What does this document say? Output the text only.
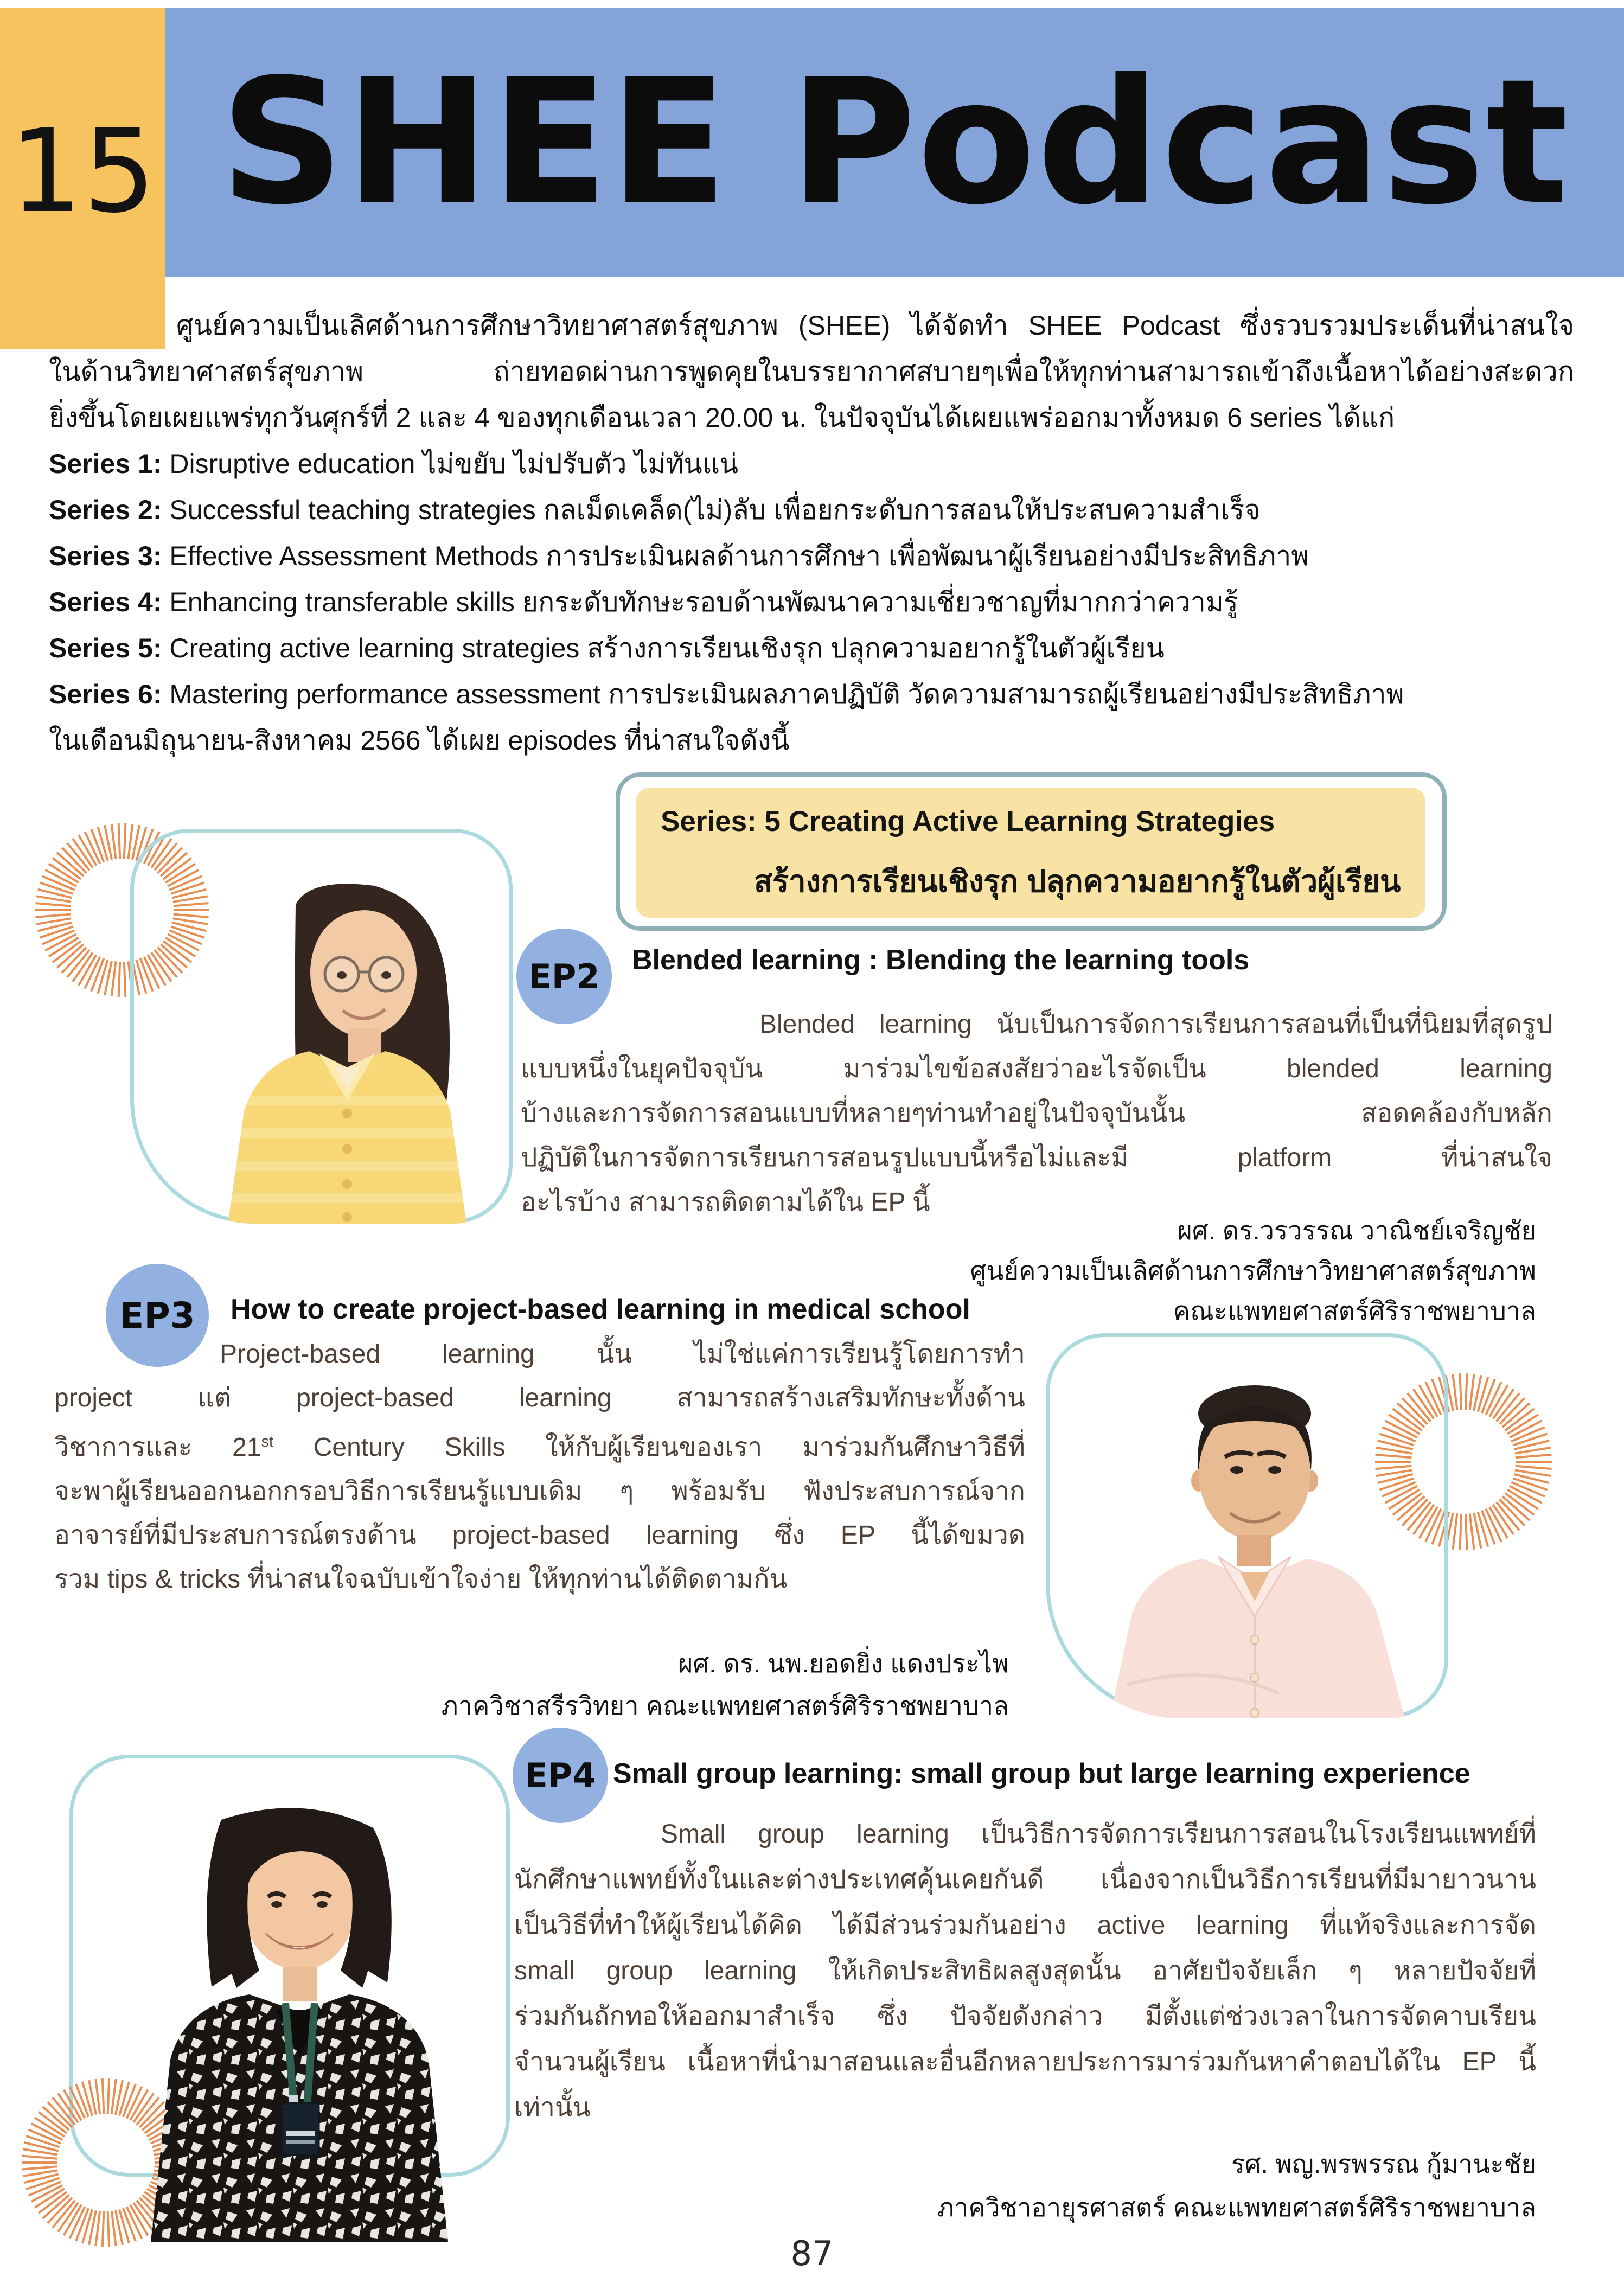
SHEE Podcast
15
ศูนย์ความเป็นเลิศด้านการศึกษาวิทยาศาสตร์สุขภาพ (SHEE) ได้จัดทำ SHEE Podcast ซึ่งรวบรวมประเด็นที่น่าสนใจ
ในด้านวิทยาศาสตร์สุขภาพ ถ่ายทอดผ่านการพูดคุยในบรรยากาศสบายๆเพื่อให้ทุกท่านสามารถเข้าถึงเนื้อหาได้อย่างสะดวก
ยิ่งขึ้นโดยเผยแพร่ทุกวันศุกร์ที่ 2 และ 4 ของทุกเดือนเวลา 20.00 น. ในปัจจุบันได้เผยแพร่ออกมาทั้งหมด 6 series ได้แก่
Series 1: Disruptive education ไม่ขยับ ไม่ปรับตัว ไม่ทันแน่
Series 2: Successful teaching strategies กลเม็ดเคล็ด(ไม่)ลับ เพื่อยกระดับการสอนให้ประสบความสำเร็จ
Series 3: Effective Assessment Methods การประเมินผลด้านการศึกษา เพื่อพัฒนาผู้เรียนอย่างมีประสิทธิภาพ
Series 4: Enhancing transferable skills ยกระดับทักษะรอบด้านพัฒนาความเชี่ยวชาญที่มากกว่าความรู้
Series 5: Creating active learning strategies สร้างการเรียนเชิงรุก ปลุกความอยากรู้ในตัวผู้เรียน
Series 6: Mastering performance assessment การประเมินผลภาคปฏิบัติ วัดความสามารถผู้เรียนอย่างมีประสิทธิภาพ
ในเดือนมิถุนายน-สิงหาคม 2566 ได้เผย episodes ที่น่าสนใจดังนี้
Series: 5 Creating Active Learning Strategies
สร้างการเรียนเชิงรุก ปลุกความอยากรู้ในตัวผู้เรียน
EP2 Blended learning : Blending the learning tools
Blended learning นับเป็นการจัดการเรียนการสอนที่เป็นที่นิยมที่สุดรูป
แบบหนึ่งในยุคปัจจุบัน มาร่วมไขข้อสงสัยว่าอะไรจัดเป็น blended learning
บ้างและการจัดการสอนแบบที่หลายๆท่านทำอยู่ในปัจจุบันนั้น สอดคล้องกับหลัก
ปฏิบัติในการจัดการเรียนการสอนรูปแบบนี้หรือไม่และมี platform ที่น่าสนใจ
อะไรบ้าง สามารถติดตามได้ใน EP นี้
ผศ. ดร.วรวรรณ วาณิชย์เจริญชัย
ศูนย์ความเป็นเลิศด้านการศึกษาวิทยาศาสตร์สุขภาพ
คณะแพทยศาสตร์ศิริราชพยาบาล
EP3 How to create project-based learning in medical school
Project-based learning นั้น ไม่ใช่แค่การเรียนรู้โดยการทำ
project แต่ project-based learning สามารถสร้างเสริมทักษะทั้งด้าน
วิชาการและ 21st Century Skills ให้กับผู้เรียนของเรา มาร่วมกันศึกษาวิธีที่
จะพาผู้เรียนออกนอกกรอบวิธีการเรียนรู้แบบเดิม ๆ พร้อมรับ ฟังประสบการณ์จาก
อาจารย์ที่มีประสบการณ์ตรงด้าน project-based learning ซึ่ง EP นี้ได้ขมวด
รวม tips & tricks ที่น่าสนใจฉบับเข้าใจง่าย ให้ทุกท่านได้ติดตามกัน
ผศ. ดร. นพ.ยอดยิ่ง แดงประไพ
ภาควิชาสรีรวิทยา คณะแพทยศาสตร์ศิริราชพยาบาล
EP4 Small group learning: small group but large learning experience
Small group learning เป็นวิธีการจัดการเรียนการสอนในโรงเรียนแพทย์ที่
นักศึกษาแพทย์ทั้งในและต่างประเทศคุ้นเคยกันดี เนื่องจากเป็นวิธีการเรียนที่มีมายาวนาน
เป็นวิธีที่ทำให้ผู้เรียนได้คิด ได้มีส่วนร่วมกันอย่าง active learning ที่แท้จริงและการจัด
small group learning ให้เกิดประสิทธิผลสูงสุดนั้น อาศัยปัจจัยเล็ก ๆ หลายปัจจัยที่
ร่วมกันถักทอให้ออกมาสำเร็จ ซึ่ง ปัจจัยดังกล่าว มีตั้งแต่ช่วงเวลาในการจัดคาบเรียน
จำนวนผู้เรียน เนื้อหาที่นำมาสอนและอื่นอีกหลายประการมาร่วมกันหาคำตอบได้ใน EP นี้
เท่านั้น
รศ. พญ.พรพรรณ กู้มานะชัย
ภาควิชาอายุรศาสตร์ คณะแพทยศาสตร์ศิริราชพยาบาล
87
